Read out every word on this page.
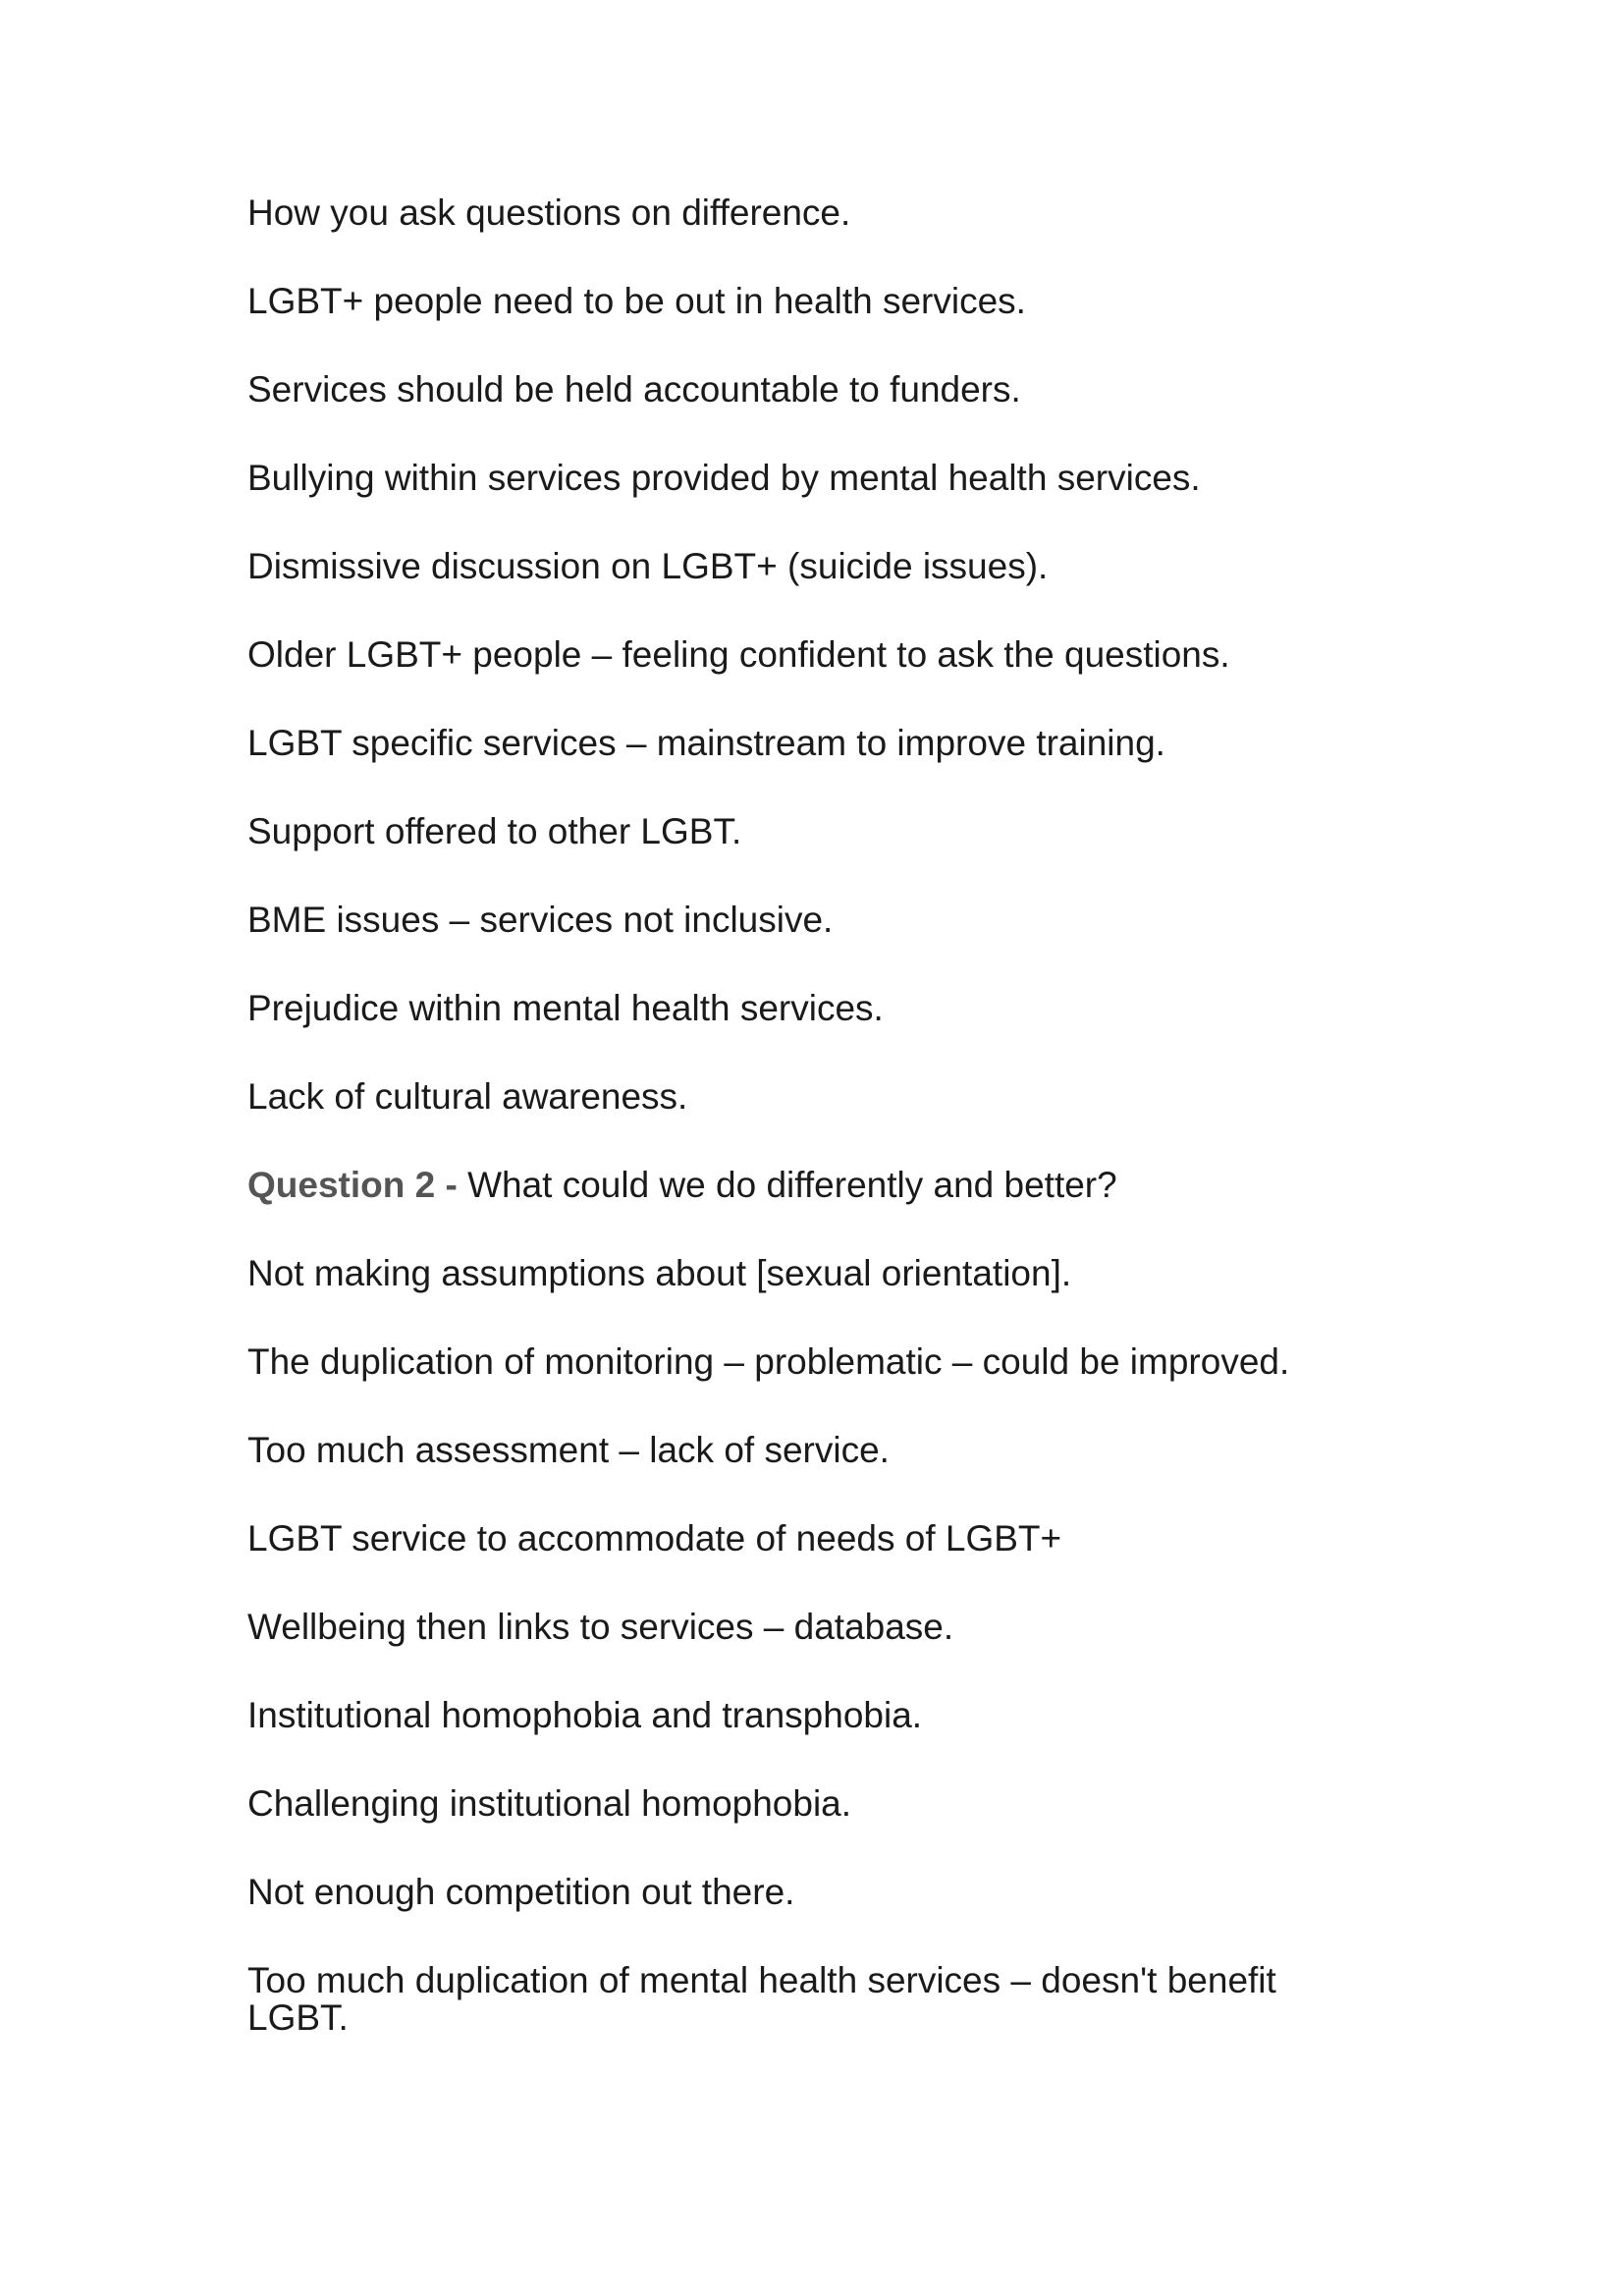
How you ask questions on difference.

LGBT+ people need to be out in health services.

Services should be held accountable to funders.

Bullying within services provided by mental health services.

Dismissive discussion on LGBT+ (suicide issues).

Older LGBT+ people – feeling confident to ask the questions.

LGBT specific services – mainstream to improve training.

Support offered to other LGBT.

BME issues – services not inclusive.

Prejudice within mental health services.

Lack of cultural awareness.

Question 2 - What could we do differently and better?

Not making assumptions about [sexual orientation].

The duplication of monitoring – problematic – could be improved.

Too much assessment – lack of service.

LGBT service to accommodate of needs of LGBT+

Wellbeing then links to services – database.

Institutional homophobia and transphobia.

Challenging institutional homophobia.

Not enough competition out there.

Too much duplication of mental health services – doesn't benefit LGBT.
